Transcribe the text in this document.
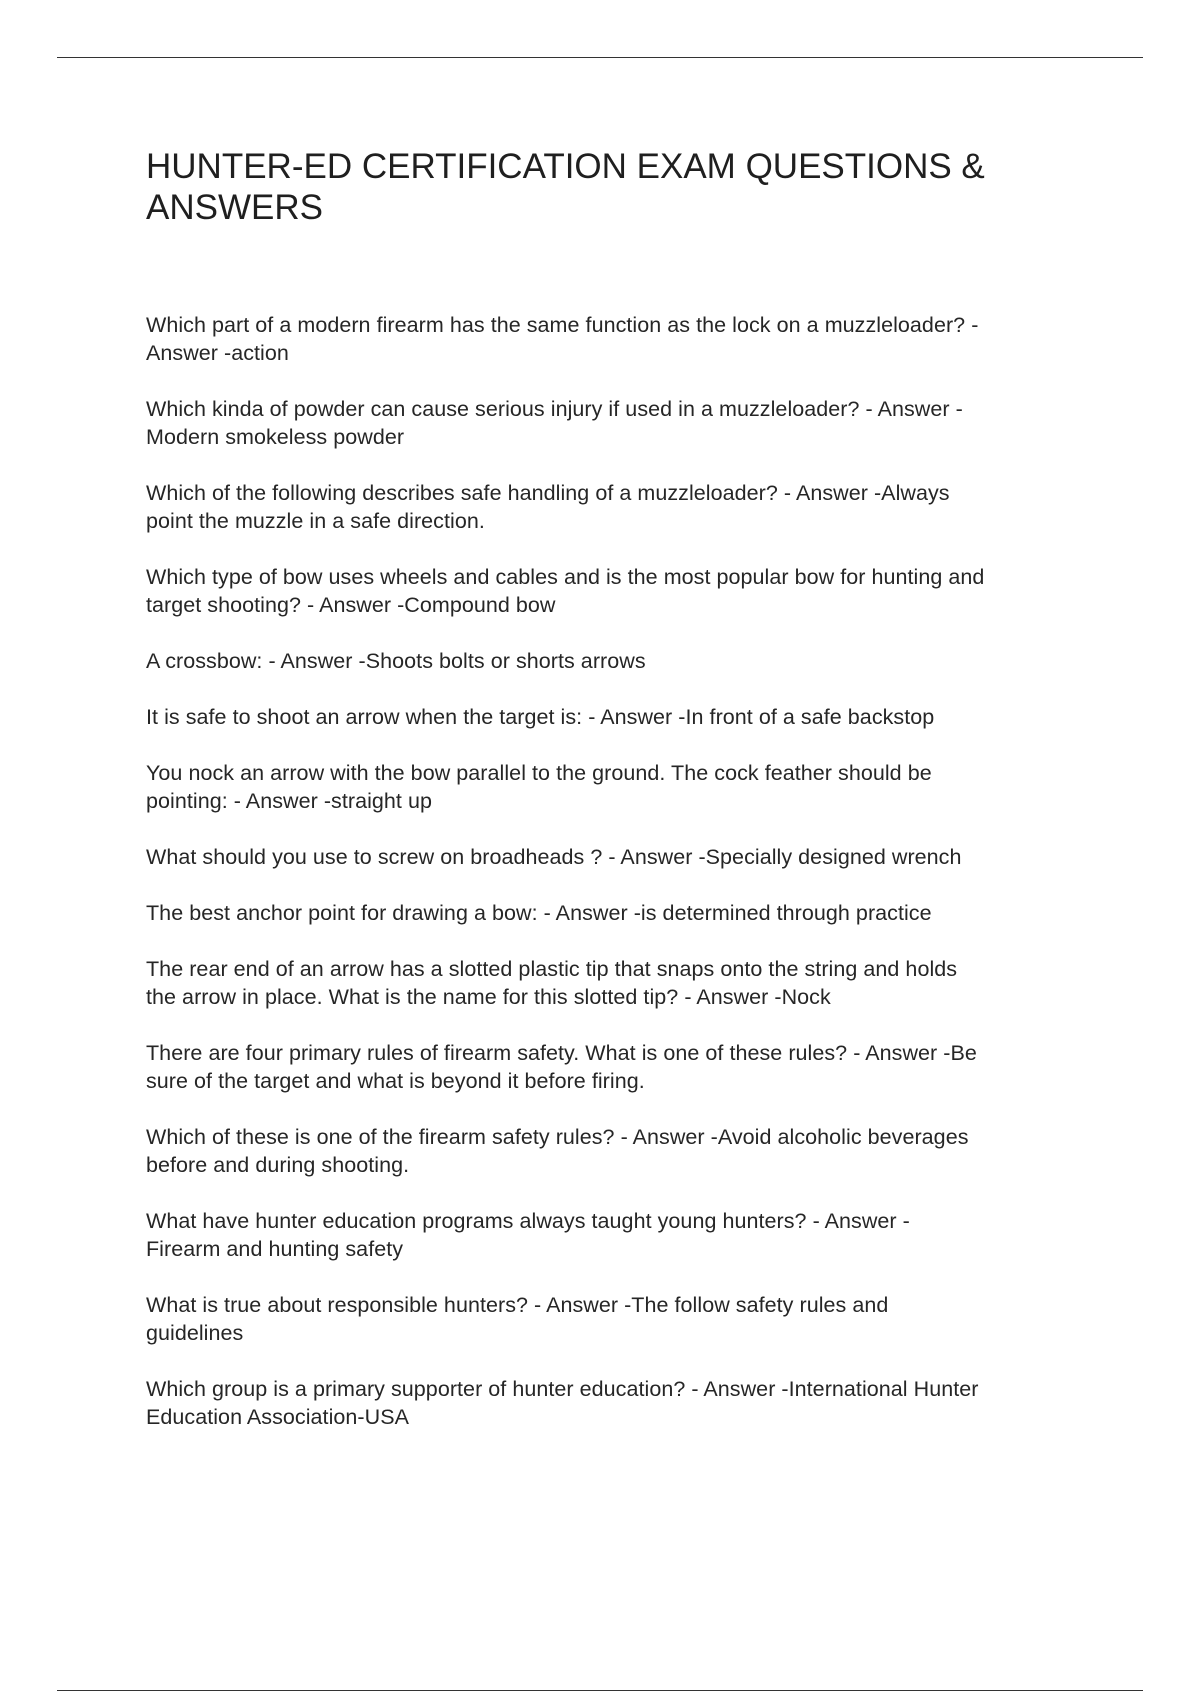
HUNTER-ED CERTIFICATION EXAM QUESTIONS &
ANSWERS
Which part of a modern firearm has the same function as the lock on a muzzleloader? -
Answer -action
Which kinda of powder can cause serious injury if used in a muzzleloader? - Answer -
Modern smokeless powder
Which of the following describes safe handling of a muzzleloader? - Answer -Always
point the muzzle in a safe direction.
Which type of bow uses wheels and cables and is the most popular bow for hunting and
target shooting? - Answer -Compound bow
A crossbow: - Answer -Shoots bolts or shorts arrows
It is safe to shoot an arrow when the target is: - Answer -In front of a safe backstop
You nock an arrow with the bow parallel to the ground. The cock feather should be
pointing: - Answer -straight up
What should you use to screw on broadheads ? - Answer -Specially designed wrench
The best anchor point for drawing a bow: - Answer -is determined through practice
The rear end of an arrow has a slotted plastic tip that snaps onto the string and holds
the arrow in place. What is the name for this slotted tip? - Answer -Nock
There are four primary rules of firearm safety. What is one of these rules? - Answer -Be
sure of the target and what is beyond it before firing.
Which of these is one of the firearm safety rules? - Answer -Avoid alcoholic beverages
before and during shooting.
What have hunter education programs always taught young hunters? - Answer -
Firearm and hunting safety
What is true about responsible hunters? - Answer -The follow safety rules and
guidelines
Which group is a primary supporter of hunter education? - Answer -International Hunter
Education Association-USA
